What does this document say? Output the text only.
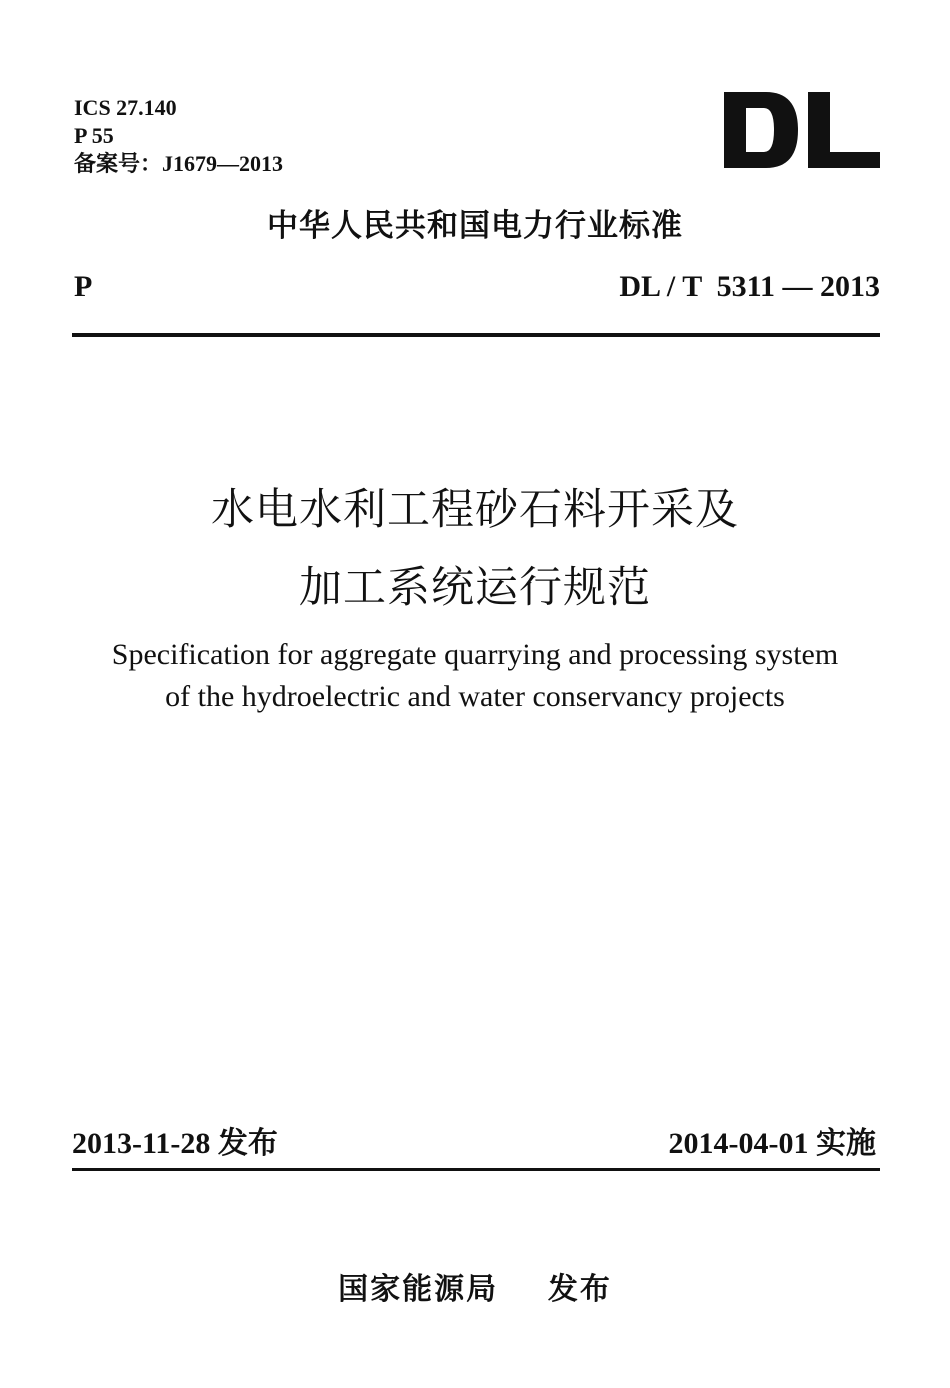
ICS 27.140
P 55
备案号：J1679—2013
中华人民共和国电力行业标准
P	DL / T  5311 — 2013
水电水利工程砂石料开采及
加工系统运行规范
Specification for aggregate quarrying and processing system
of the hydroelectric and water conservancy projects
2013-11-28 发布	2014-04-01 实施
国家能源局 发布
